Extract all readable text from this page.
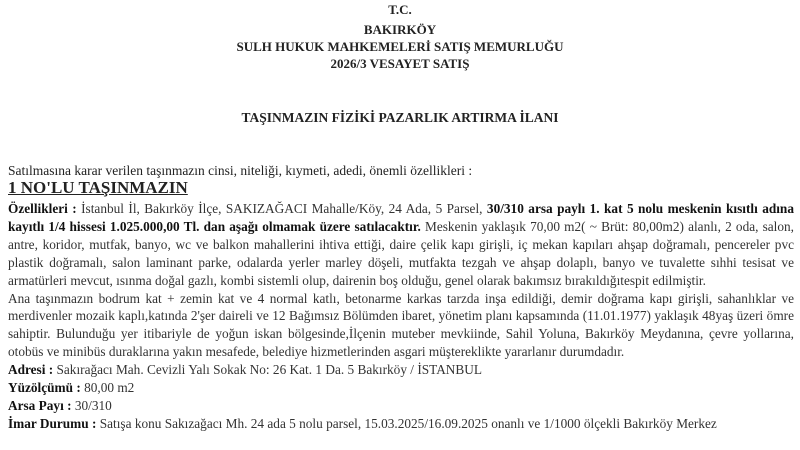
T.C.
BAKIRKÖY
SULH HUKUK MAHKEMELERİ SATIŞ MEMURLUĞU
2026/3 VESAYET SATIŞ
TAŞINMAZIN FİZİKİ PAZARLIK ARTIRMA İLANI
Satılmasına karar verilen taşınmazın cinsi, niteliği, kıymeti, adedi, önemli özellikleri :
1 NO'LU TAŞINMAZIN

Özellikleri : İstanbul İl, Bakırköy İlçe, SAKIZAĞACI Mahalle/Köy, 24 Ada, 5 Parsel, 30/310 arsa paylı 1. kat 5 nolu meskenin kısıtlı adına kayıtlı 1/4 hissesi 1.025.000,00 Tl. dan aşağı olmamak üzere satılacaktır. Meskenin yaklaşık 70,00 m2( ~ Brüt: 80,00m2) alanlı, 2 oda, salon, antre, koridor, mutfak, banyo, wc ve balkon mahallerini ihtiva ettiği, daire çelik kapı girişli, iç mekan kapıları ahşap doğramalı, pencereler pvc plastik doğramalı, salon laminant parke, odalarda yerler marley döşeli, mutfakta tezgah ve ahşap dolaplı, banyo ve tuvalette sıhhi tesisat ve armatürleri mevcut, ısınma doğal gazlı, kombi sistemli olup, dairenin boş olduğu, genel olarak bakımsız bırakıldığıtespit edilmiştir.

Ana taşınmazın bodrum kat + zemin kat ve 4 normal katlı, betonarme karkas tarzda inşa edildiği, demir doğrama kapı girişli, sahanlıklar ve merdivenler mozaik kaplı,katında 2'şer daireli ve 12 Bağımsız Bölümden ibaret, yönetim planı kapsamında (11.01.1977) yaklaşık 48yaş üzeri ömre sahiptir. Bulunduğu yer itibariyle de yoğun iskan bölgesinde,İlçenin muteber mevkiinde, Sahil Yoluna, Bakırköy Meydanına, çevre yollarına, otobüs ve minibüs duraklarına yakın mesafede, belediye hizmetlerinden asgari müştereklikte yararlanır durumdadır.

Adresi : Sakırağacı Mah. Cevizli Yalı Sokak No: 26 Kat. 1 Da. 5 Bakırköy / İSTANBUL

Yüzölçümü : 80,00 m2

Arsa Payı : 30/310

İmar Durumu : Satışa konu Sakızağacı Mh. 24 ada 5 nolu parsel, 15.03.2025/16.09.2025 onanlı ve 1/1000 ölçekli Bakırköy Merkez
